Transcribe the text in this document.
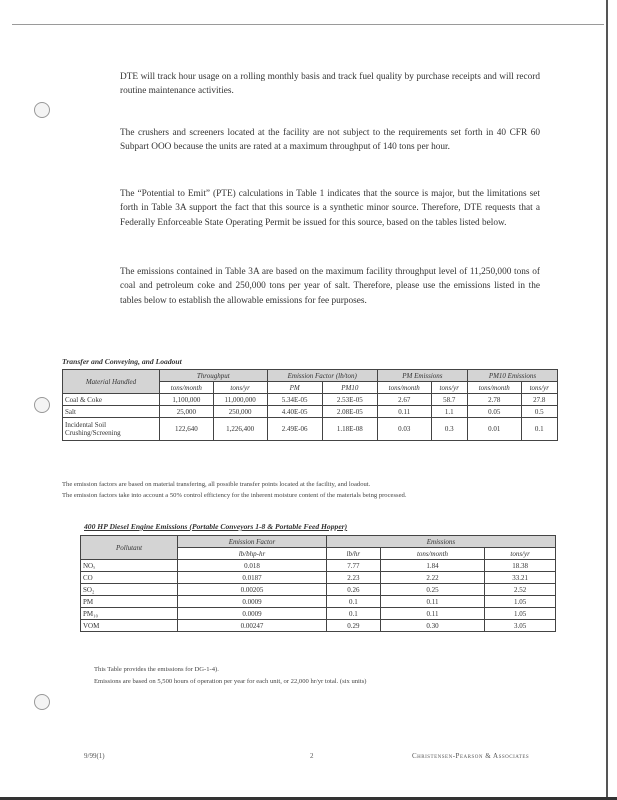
DTE will track hour usage on a rolling monthly basis and track fuel quality by purchase receipts and will record routine maintenance activities.

The crushers and screeners located at the facility are not subject to the requirements set forth in 40 CFR 60 Subpart OOO because the units are rated at a maximum throughput of 140 tons per hour.

The “Potential to Emit” (PTE) calculations in Table 1 indicates that the source is major, but the limitations set forth in Table 3A support the fact that this source is a synthetic minor source. Therefore, DTE requests that a Federally Enforceable State Operating Permit be issued for this source, based on the tables listed below.

The emissions contained in Table 3A are based on the maximum facility throughput level of 11,250,000 tons of coal and petroleum coke and 250,000 tons per year of salt. Therefore, please use the emissions listed in the tables below to establish the allowable emissions for fee purposes.

Transfer and Conveying, and Loadout
Material Handled	Throughput		Emission Factor (lb/ton)		PM Emissions		PM10 Emissions	
	tons/month	tons/yr	PM	PM10	tons/month	tons/yr	tons/month	tons/yr
Coal & Coke	1,100,000	11,000,000	5.34E-05	2.53E-05	2.67	58.7	2.78	27.8
Salt	25,000	250,000	4.40E-05	2.08E-05	0.11	1.1	0.05	0.5
Incidental Soil Crushing/Screening	122,640	1,226,400	2.49E-06	1.18E-08	0.03	0.3	0.01	0.1
The emission factors are based on material transfering, all possible transfer points located at the facility, and loadout.
The emission factors take into account a 50% control efficiency for the inherent moisture content of the materials being processed.
400 HP Diesel Engine Emissions (Portable Conveyors 1-8 & Portable Feed Hopper)
Pollutant	Emission Factor	Emissions		
	lb/bhp-hr	lb/hr	tons/month	tons/yr
NOₓ	0.018	7.77	1.84	18.38
CO	0.0187	2.23	2.22	33.21
SO₂	0.00205	0.26	0.25	2.52
PM	0.0009	0.1	0.11	1.05
PM₁₀	0.0009	0.1	0.11	1.05
VOM	0.00247	0.29	0.30	3.05
This Table provides the emissions for DG-1-4).
Emissions are based on 5,500 hours of operation per year for each unit, or 22,000 hr/yr total. (six units)
9/99(1)	2	Christensen-Pearson & Associates
